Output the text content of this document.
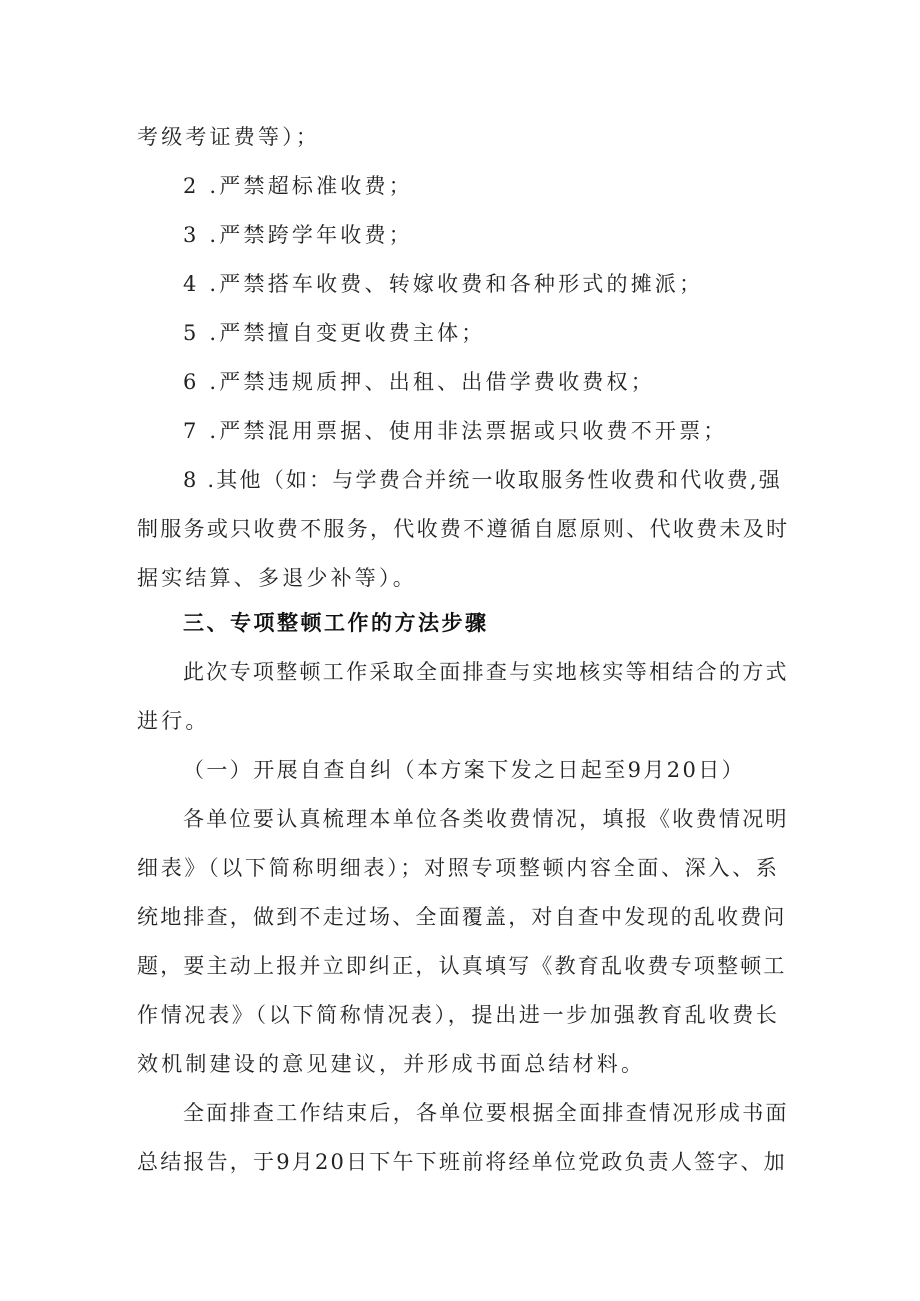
考级考证费等）；
2 .严禁超标准收费；
3 .严禁跨学年收费；
4 .严禁搭车收费、转嫁收费和各种形式的摊派；
5 .严禁擅自变更收费主体；
6 .严禁违规质押、出租、出借学费收费权；
7 .严禁混用票据、使用非法票据或只收费不开票；
8 .其他（如：与学费合并统一收取服务性收费和代收费,强
制服务或只收费不服务，代收费不遵循自愿原则、代收费未及时
据实结算、多退少补等）。
三、专项整顿工作的方法步骤
此次专项整顿工作采取全面排查与实地核实等相结合的方式
进行。
（一）开展自查自纠（本方案下发之日起至9月20日）
各单位要认真梳理本单位各类收费情况，填报《收费情况明
细表》（以下简称明细表）；对照专项整顿内容全面、深入、系
统地排查，做到不走过场、全面覆盖，对自查中发现的乱收费问
题，要主动上报并立即纠正，认真填写《教育乱收费专项整顿工
作情况表》（以下简称情况表），提出进一步加强教育乱收费长
效机制建设的意见建议，并形成书面总结材料。
全面排查工作结束后，各单位要根据全面排查情况形成书面
总结报告，于9月20日下午下班前将经单位党政负责人签字、加
